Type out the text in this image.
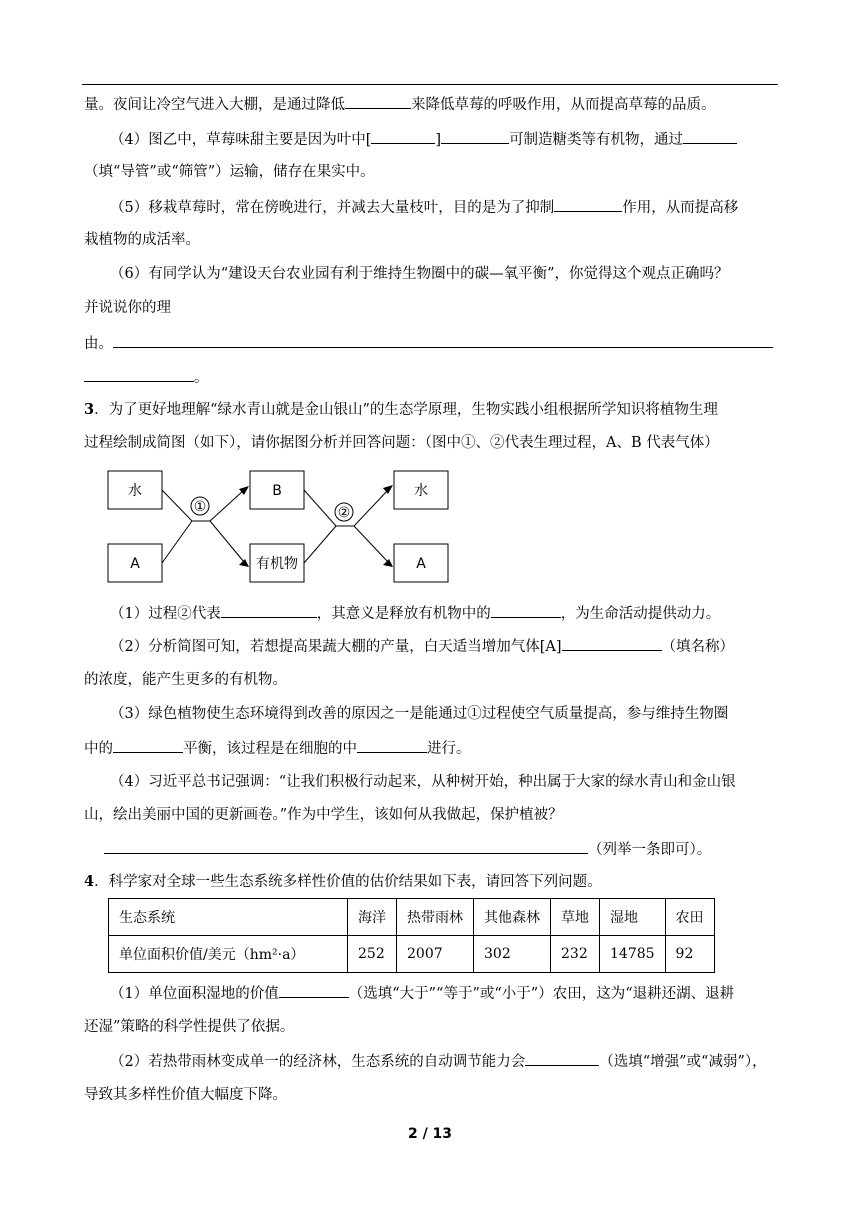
量。夜间让冷空气进入大棚，是通过降低	来降低草莓的呼吸作用，从而提高草莓的品质。
（4）图乙中，草莓味甜主要是因为叶中[	]	可制造糖类等有机物，通过
（填“导管”或“筛管”）运输，储存在果实中。
（5）移栽草莓时，常在傍晚进行，并减去大量枝叶，目的是为了抑制	作用，从而提高移
栽植物的成活率。
（6）有同学认为“建设天台农业园有利于维持生物圈中的碳—氧平衡”，你觉得这个观点正确吗？
并说说你的理
由。
。
3．为了更好地理解“绿水青山就是金山银山”的生态学原理，生物实践小组根据所学知识将植物生理
过程绘制成简图（如下），请你据图分析并回答问题：（图中①、②代表生理过程，A、B 代表气体）
水
A
①
B
有机物
②
水
A
（1）过程②代表	，其意义是释放有机物中的	，为生命活动提供动力。
（2）分析简图可知，若想提高果蔬大棚的产量，白天适当增加气体[A]	（填名称）
的浓度，能产生更多的有机物。
（3）绿色植物使生态环境得到改善的原因之一是能通过①过程使空气质量提高，参与维持生物圈
中的	平衡，该过程是在细胞的中	进行。
（4）习近平总书记强调：“让我们积极行动起来，从种树开始，种出属于大家的绿水青山和金山银
山，绘出美丽中国的更新画卷。”作为中学生，该如何从我做起，保护植被？
（列举一条即可）。
4．科学家对全球一些生态系统多样性价值的估价结果如下表，请回答下列问题。
生态系统	海洋	热带雨林	其他森林	草地	湿地	农田
单位面积价值/美元（hm²·a）	252	2007	302	232	14785	92
（1）单位面积湿地的价值	（选填“大于”“等于”或“小于”）农田，这为“退耕还湖、退耕
还湿”策略的科学性提供了依据。
（2）若热带雨林变成单一的经济林，生态系统的自动调节能力会	（选填“增强”或“减弱”），
导致其多样性价值大幅度下降。
2 / 13
